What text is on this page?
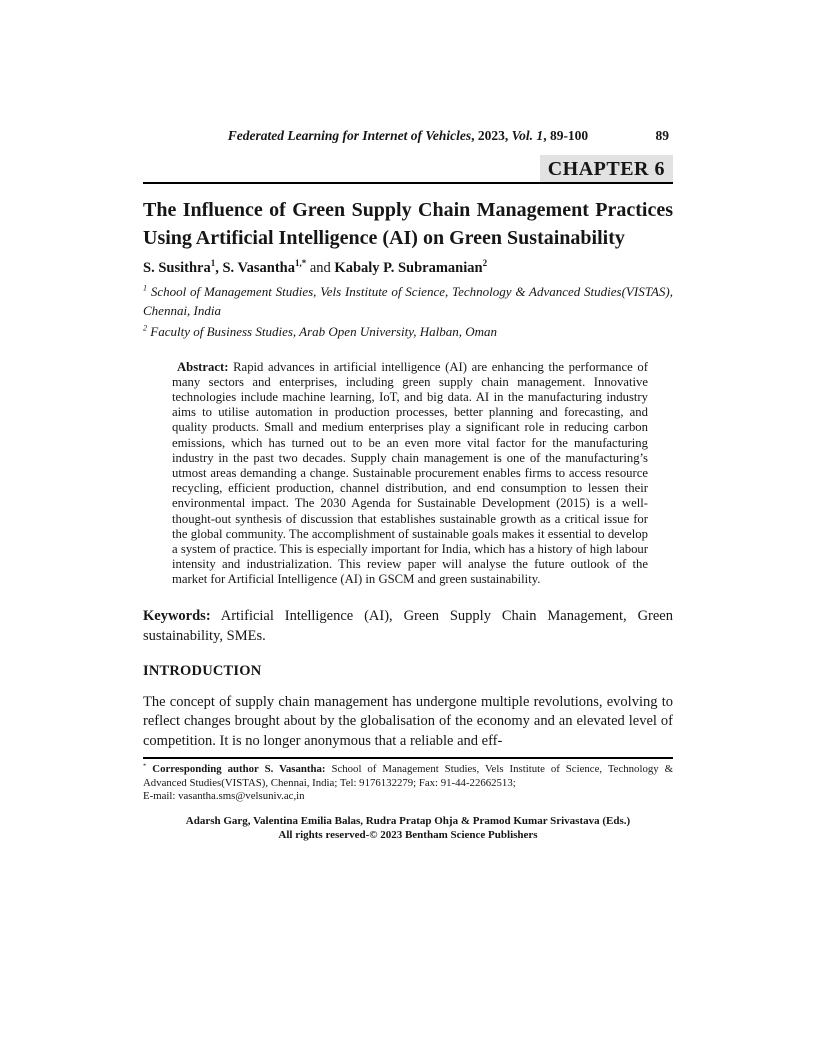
Federated Learning for Internet of Vehicles, 2023, Vol. 1, 89-100	89
CHAPTER 6
The Influence of Green Supply Chain Management Practices Using Artificial Intelligence (AI) on Green Sustainability

S. Susithra$^1$, S. Vasantha$^{1,*}$ and Kabaly P. Subramanian$^2$

$^1$ School of Management Studies, Vels Institute of Science, Technology & Advanced Studies(VISTAS), Chennai, India

$^2$ Faculty of Business Studies, Arab Open University, Halban, Oman

Abstract: Rapid advances in artificial intelligence (AI) are enhancing the performance of many sectors and enterprises, including green supply chain management. Innovative technologies include machine learning, IoT, and big data. AI in the manufacturing industry aims to utilise automation in production processes, better planning and forecasting, and quality products. Small and medium enterprises play a significant role in reducing carbon emissions, which has turned out to be an even more vital factor for the manufacturing industry in the past two decades. Supply chain management is one of the manufacturing’s utmost areas demanding a change. Sustainable procurement enables firms to access resource recycling, efficient production, channel distribution, and end consumption to lessen their environmental impact. The 2030 Agenda for Sustainable Development (2015) is a well-thought-out synthesis of discussion that establishes sustainable growth as a critical issue for the global community. The accomplishment of sustainable goals makes it essential to develop a system of practice. This is especially important for India, which has a history of high labour intensity and industrialization. This review paper will analyse the future outlook of the market for Artificial Intelligence (AI) in GSCM and green sustainability.

Keywords: Artificial Intelligence (AI), Green Supply Chain Management, Green sustainability, SMEs.

INTRODUCTION

The concept of supply chain management has undergone multiple revolutions, evolving to reflect changes brought about by the globalisation of the economy and an elevated level of competition. It is no longer anonymous that a reliable and eff-

* Corresponding author S. Vasantha: School of Management Studies, Vels Institute of Science, Technology & Advanced Studies(VISTAS), Chennai, India; Tel: 9176132279; Fax: 91-44-22662513;
E-mail: vasantha.sms@velsuniv.ac,in
Adarsh Garg, Valentina Emilia Balas, Rudra Pratap Ohja & Pramod Kumar Srivastava (Eds.)
All rights reserved-© 2023 Bentham Science Publishers
